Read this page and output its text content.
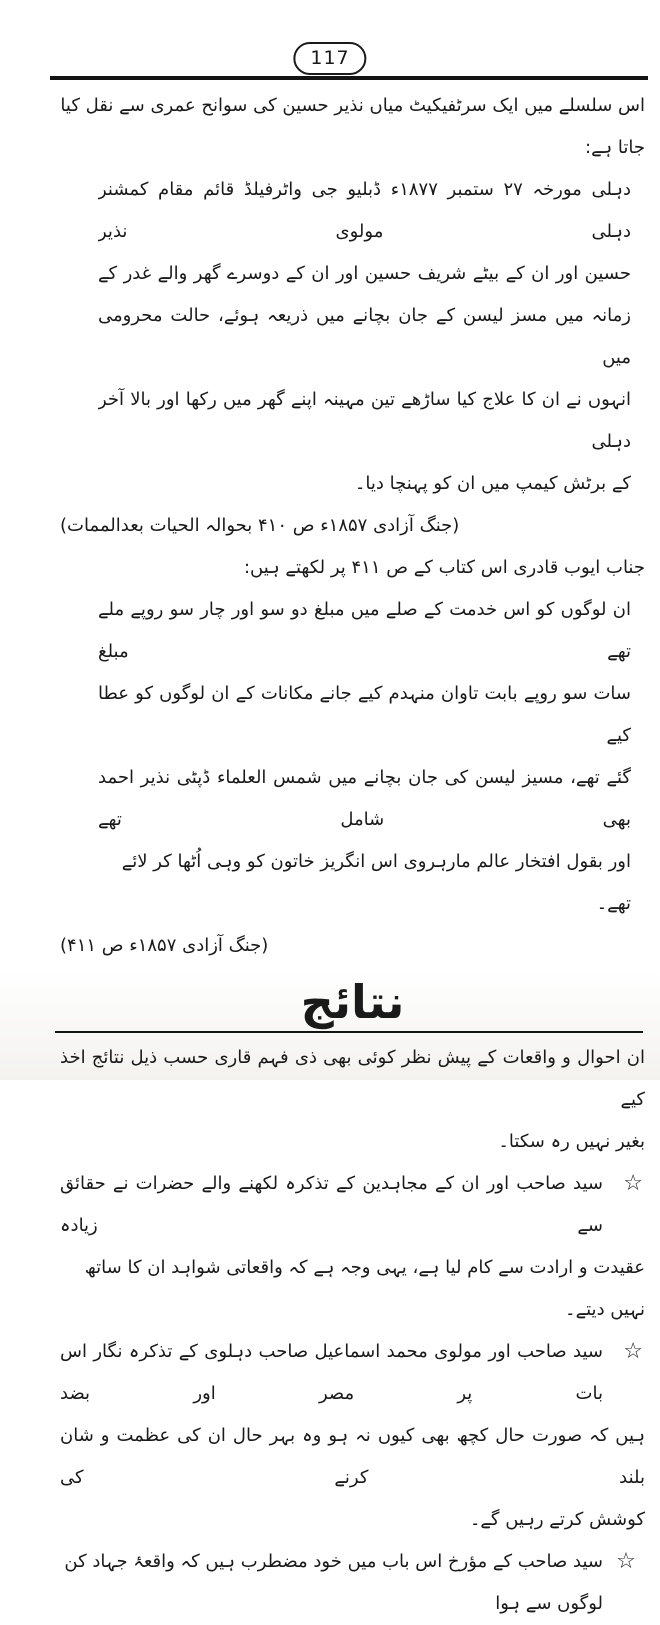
117
اس سلسلے میں ایک سرٹفیکیٹ میاں نذیر حسین کی سوانح عمری سے نقل کیا جاتا ہے:
دہلی مورخہ ۲۷ ستمبر ۱۸۷۷ء ڈبلیو جی واٹرفیلڈ قائم مقام کمشنر دہلی مولوی نذیر
حسین اور ان کے بیٹے شریف حسین اور ان کے دوسرے گھر والے غدر کے
زمانہ میں مسز لیسن کے جان بچانے میں ذریعہ ہوئے، حالت محرومی میں
انہوں نے ان کا علاج کیا ساڑھے تین مہینہ اپنے گھر میں رکھا اور بالا آخر دہلی
کے برٹش کیمپ میں ان کو پہنچا دیا۔
(جنگ آزادی ۱۸۵۷ء ص ۴۱۰ بحوالہ الحیات بعدالممات)
جناب ایوب قادری اس کتاب کے ص ۴۱۱ پر لکھتے ہیں:
ان لوگوں کو اس خدمت کے صلے میں مبلغ دو سو اور چار سو روپے ملے تھے مبلغ
سات سو روپے بابت تاوان منہدم کیے جانے مکانات کے ان لوگوں کو عطا کیے
گئے تھے، مسیز لیسن کی جان بچانے میں شمس العلماء ڈپٹی نذیر احمد بھی شامل تھے
اور بقول افتخار عالم مارہروی اس انگریز خاتون کو وہی اُٹھا کر لائے تھے۔
(جنگ آزادی ۱۸۵۷ء ص ۴۱۱)
نتائج
ان احوال و واقعات کے پیش نظر کوئی بھی ذی فہم قاری حسب ذیل نتائج اخذ کیے
بغیر نہیں رہ سکتا۔
☆
سید صاحب اور ان کے مجاہدین کے تذکرہ لکھنے والے حضرات نے حقائق سے زیادہ
عقیدت و ارادت سے کام لیا ہے، یہی وجہ ہے کہ واقعاتی شواہد ان کا ساتھ نہیں دیتے۔
☆
سید صاحب اور مولوی محمد اسماعیل صاحب دہلوی کے تذکرہ نگار اس بات پر مصر اور بضد
ہیں کہ صورت حال کچھ بھی کیوں نہ ہو وہ بہر حال ان کی عظمت و شان بلند کرنے کی
کوشش کرتے رہیں گے۔
☆
سید صاحب کے مؤرخ اس باب میں خود مضطرب ہیں کہ واقعۂ جہاد کن لوگوں سے ہوا
